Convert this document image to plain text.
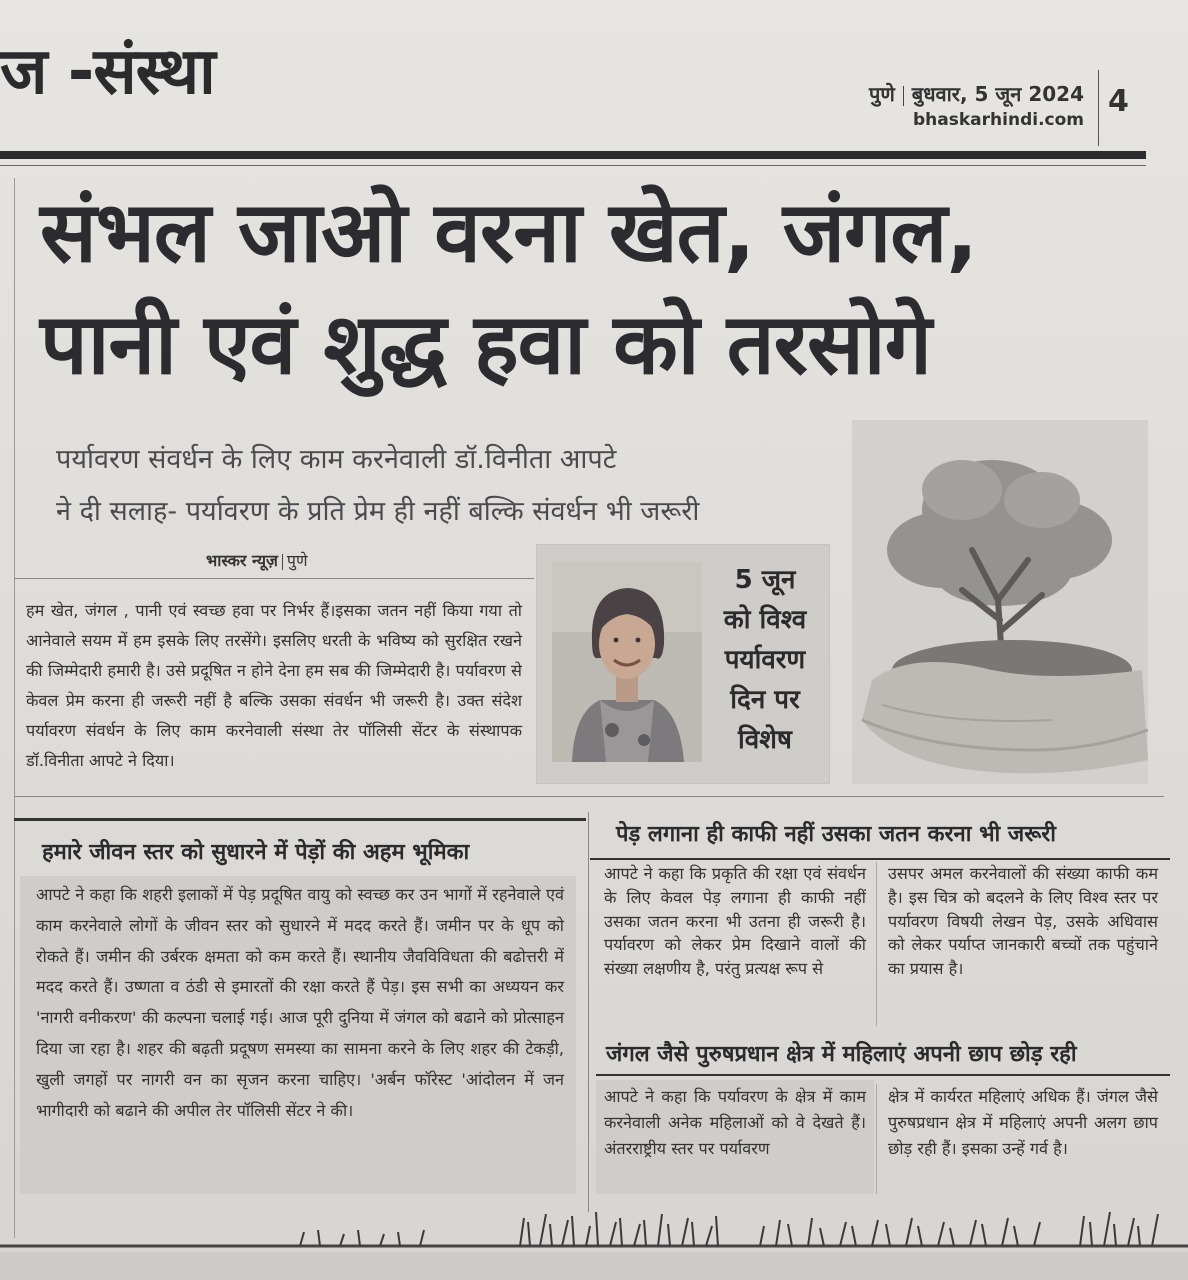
ज -संस्था	पुणे बुधवार, 5 जून 2024
bhaskarhindi.com
4
संभल जाओ वरना खेत, जंगल,
पानी एवं शुद्ध हवा को तरसोगे
पर्यावरण संवर्धन के लिए काम करनेवाली डॉ.विनीता आपटे
ने दी सलाह- पर्यावरण के प्रति प्रेम ही नहीं बल्कि संवर्धन भी जरूरी
भास्कर न्यूज़ पुणे
हम खेत, जंगल , पानी एवं स्वच्छ हवा पर निर्भर हैं।इसका जतन नहीं किया गया तो आनेवाले सयम में हम इसके लिए तरसेंगे। इसलिए धरती के भविष्य को सुरक्षित रखने की जिम्मेदारी हमारी है। उसे प्रदूषित न होने देना हम सब की जिम्मेदारी है। पर्यावरण से केवल प्रेम करना ही जरूरी नहीं है बल्कि उसका संवर्धन भी जरूरी है। उक्त संदेश पर्यावरण संवर्धन के लिए काम करनेवाली संस्था तेर पॉलिसी सेंटर के संस्थापक डॉ.विनीता आपटे ने दिया।
5 जून
को विश्व
पर्यावरण
दिन पर
विशेष
हमारे जीवन स्तर को सुधारने में पेड़ों की अहम भूमिका
आपटे ने कहा कि शहरी इलाकों में पेड़ प्रदूषित वायु को स्वच्छ कर उन भागों में रहनेवाले एवं काम करनेवाले लोगों के जीवन स्तर को सुधारने में मदद करते हैं। जमीन पर के धूप को रोकते हैं। जमीन की उर्बरक क्षमता को कम करते हैं। स्थानीय जैवविविधता की बढोत्तरी में मदद करते हैं। उष्णता व ठंडी से इमारतों की रक्षा करते हैं पेड़। इस सभी का अध्ययन कर 'नागरी वनीकरण' की कल्पना चलाई गई। आज पूरी दुनिया में जंगल को बढाने को प्रोत्साहन दिया जा रहा है। शहर की बढ़ती प्रदूषण समस्या का सामना करने के लिए शहर की टेकड़ी, खुली जगहों पर नागरी वन का सृजन करना चाहिए। 'अर्बन फॉरेस्ट 'आंदोलन में जन भागीदारी को बढाने की अपील तेर पॉलिसी सेंटर ने की।
पेड़ लगाना ही काफी नहीं उसका जतन करना भी जरूरी
आपटे ने कहा कि प्रकृति की रक्षा एवं संवर्धन के लिए केवल पेड़ लगाना ही काफी नहीं उसका जतन करना भी उतना ही जरूरी है। पर्यावरण को लेकर प्रेम दिखाने वालों की संख्या लक्षणीय है, परंतु प्रत्यक्ष रूप से
उसपर अमल करनेवालों की संख्या काफी कम है। इस चित्र को बदलने के लिए विश्व स्तर पर पर्यावरण विषयी लेखन पेड़, उसके अधिवास को लेकर पर्याप्त जानकारी बच्चों तक पहुंचाने का प्रयास है।
जंगल जैसे पुरुषप्रधान क्षेत्र में महिलाएं अपनी छाप छोड़ रही
आपटे ने कहा कि पर्यावरण के क्षेत्र में काम करनेवाली अनेक महिलाओं को वे देखते हैं। अंतरराष्ट्रीय स्तर पर पर्यावरण
क्षेत्र में कार्यरत महिलाएं अधिक हैं। जंगल जैसे पुरुषप्रधान क्षेत्र में महिलाएं अपनी अलग छाप छोड़ रही हैं। इसका उन्हें गर्व है।
